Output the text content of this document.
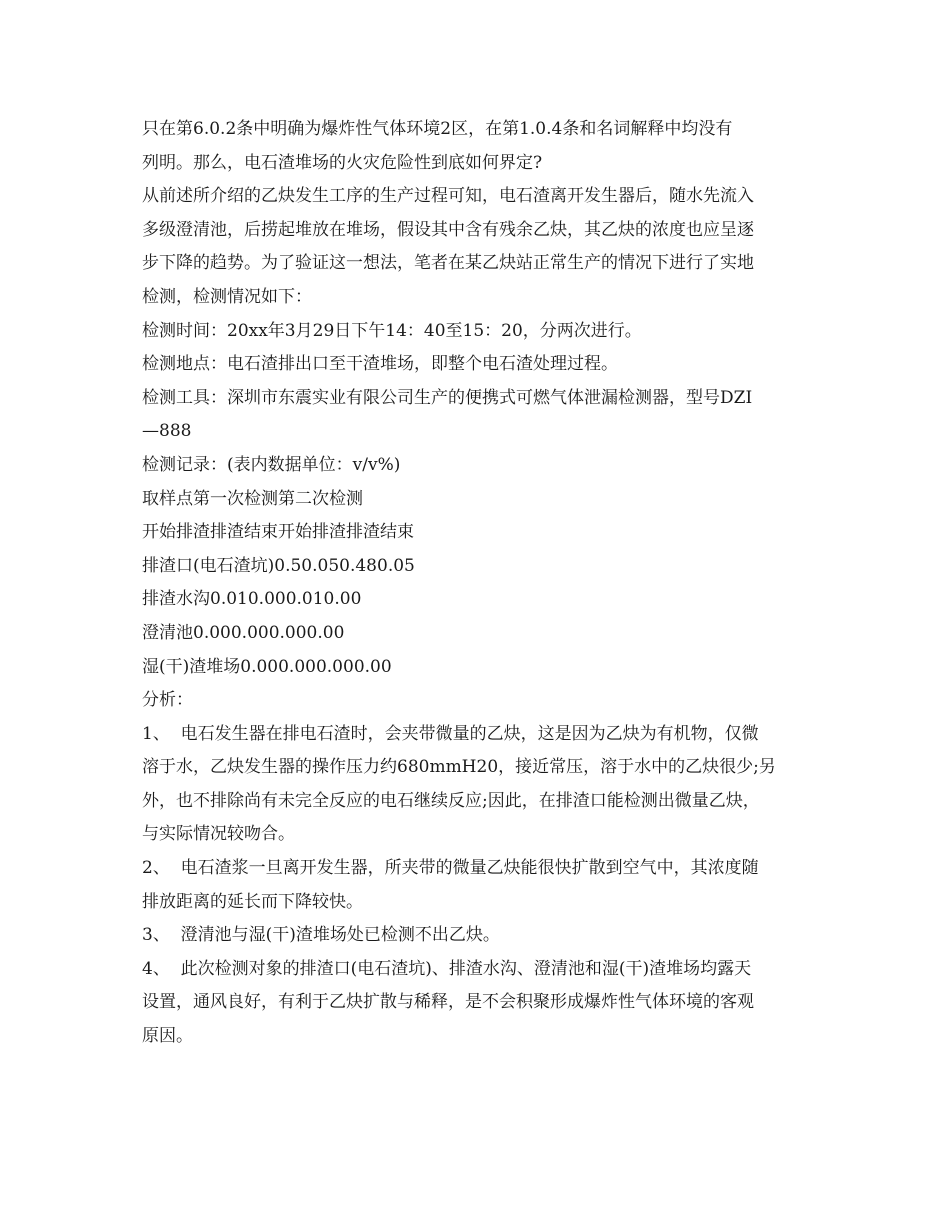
只在第6.0.2条中明确为爆炸性气体环境2区，在第1.0.4条和名词解释中均没有
列明。那么，电石渣堆场的火灾危险性到底如何界定?
从前述所介绍的乙炔发生工序的生产过程可知，电石渣离开发生器后，随水先流入
多级澄清池，后捞起堆放在堆场，假设其中含有残余乙炔，其乙炔的浓度也应呈逐
步下降的趋势。为了验证这一想法，笔者在某乙炔站正常生产的情况下进行了实地
检测，检测情况如下：
检测时间：20xx年3月29日下午14：40至15：20，分两次进行。
检测地点：电石渣排出口至干渣堆场，即整个电石渣处理过程。
检测工具：深圳市东震实业有限公司生产的便携式可燃气体泄漏检测器，型号DZI
—888
检测记录：(表内数据单位：v/v%)
取样点第一次检测第二次检测
开始排渣排渣结束开始排渣排渣结束
排渣口(电石渣坑)0.50.050.480.05
排渣水沟0.010.000.010.00
澄清池0.000.000.000.00
湿(干)渣堆场0.000.000.000.00
分析：
1、  电石发生器在排电石渣时，会夹带微量的乙炔，这是因为乙炔为有机物，仅微
溶于水，乙炔发生器的操作压力约680mmH20，接近常压，溶于水中的乙炔很少;另
外，也不排除尚有未完全反应的电石继续反应;因此，在排渣口能检测出微量乙炔，
与实际情况较吻合。
2、  电石渣浆一旦离开发生器，所夹带的微量乙炔能很快扩散到空气中，其浓度随
排放距离的延长而下降较快。
3、  澄清池与湿(干)渣堆场处已检测不出乙炔。
4、  此次检测对象的排渣口(电石渣坑)、排渣水沟、澄清池和湿(干)渣堆场均露天
设置，通风良好，有利于乙炔扩散与稀释，是不会积聚形成爆炸性气体环境的客观
原因。
